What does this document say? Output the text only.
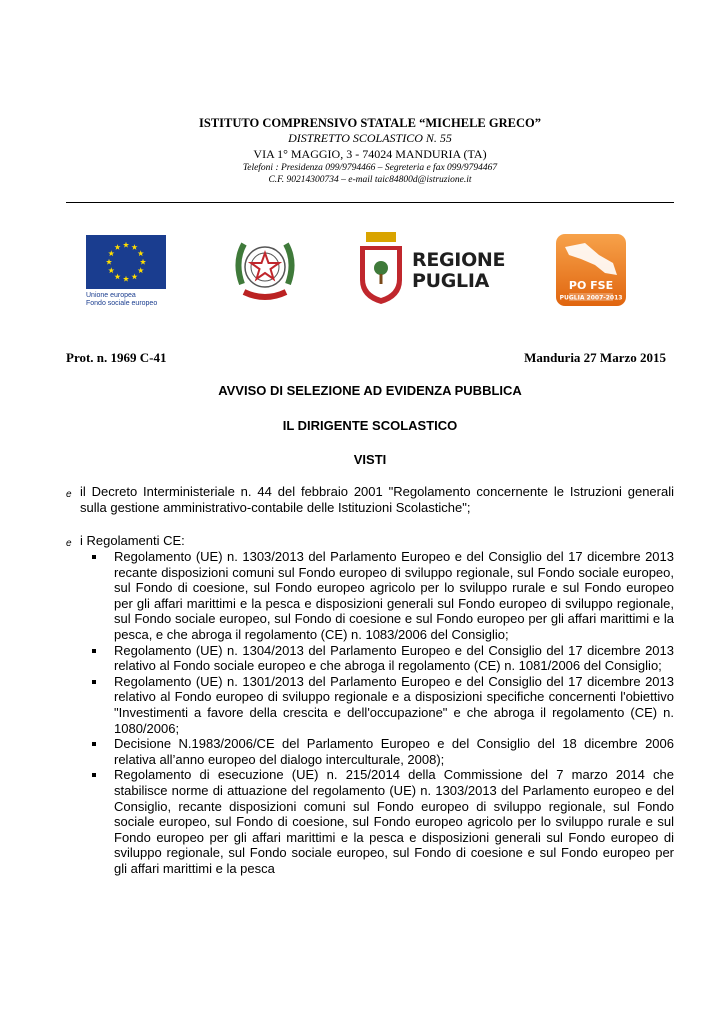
ISTITUTO COMPRENSIVO STATALE “MICHELE GRECO”
DISTRETTO SCOLASTICO N. 55
VIA 1° MAGGIO, 3 - 74024 MANDURIA (TA)
Telefoni : Presidenza 099/9794466 – Segreteria e fax 099/9794467
C.F. 90214300734 – e-mail taic84800d@istruzione.it
Unione europea
Fondo sociale europeo
REGIONE
PUGLIA	PO FSE
PUGLIA 2007-2013
Prot. n. 1969 C-41	Manduria 27 Marzo 2015
AVVISO DI SELEZIONE AD EVIDENZA PUBBLICA
IL DIRIGENTE SCOLASTICO
VISTI
e il Decreto Interministeriale n. 44 del febbraio 2001 "Regolamento concernente le Istruzioni generali sulla gestione amministrativo-contabile delle Istituzioni Scolastiche";
e i Regolamenti CE:
Regolamento (UE) n. 1303/2013 del Parlamento Europeo e del Consiglio del 17 dicembre 2013 recante disposizioni comuni sul Fondo europeo di sviluppo regionale, sul Fondo sociale europeo, sul Fondo di coesione, sul Fondo europeo agricolo per lo sviluppo rurale e sul Fondo europeo per gli affari marittimi e la pesca e disposizioni generali sul Fondo europeo di sviluppo regionale, sul Fondo sociale europeo, sul Fondo di coesione e sul Fondo europeo per gli affari marittimi e la pesca, e che abroga il regolamento (CE) n. 1083/2006 del Consiglio;
Regolamento (UE) n. 1304/2013 del Parlamento Europeo e del Consiglio del 17 dicembre 2013 relativo al Fondo sociale europeo e che abroga il regolamento (CE) n. 1081/2006 del Consiglio;
Regolamento (UE) n. 1301/2013 del Parlamento Europeo e del Consiglio del 17 dicembre 2013 relativo al Fondo europeo di sviluppo regionale e a disposizioni specifiche concernenti l'obiettivo "Investimenti a favore della crescita e dell'occupazione" e che abroga il regolamento (CE) n. 1080/2006;
Decisione N.1983/2006/CE del Parlamento Europeo e del Consiglio del 18 dicembre 2006 relativa all’anno europeo del dialogo interculturale, 2008);
Regolamento di esecuzione (UE) n. 215/2014 della Commissione del 7 marzo 2014 che stabilisce norme di attuazione del regolamento (UE) n. 1303/2013 del Parlamento europeo e del Consiglio, recante disposizioni comuni sul Fondo europeo di sviluppo regionale, sul Fondo sociale europeo, sul Fondo di coesione, sul Fondo europeo agricolo per lo sviluppo rurale e sul Fondo europeo per gli affari marittimi e la pesca e disposizioni generali sul Fondo europeo di sviluppo regionale, sul Fondo sociale europeo, sul Fondo di coesione e sul Fondo europeo per gli affari marittimi e la pesca
